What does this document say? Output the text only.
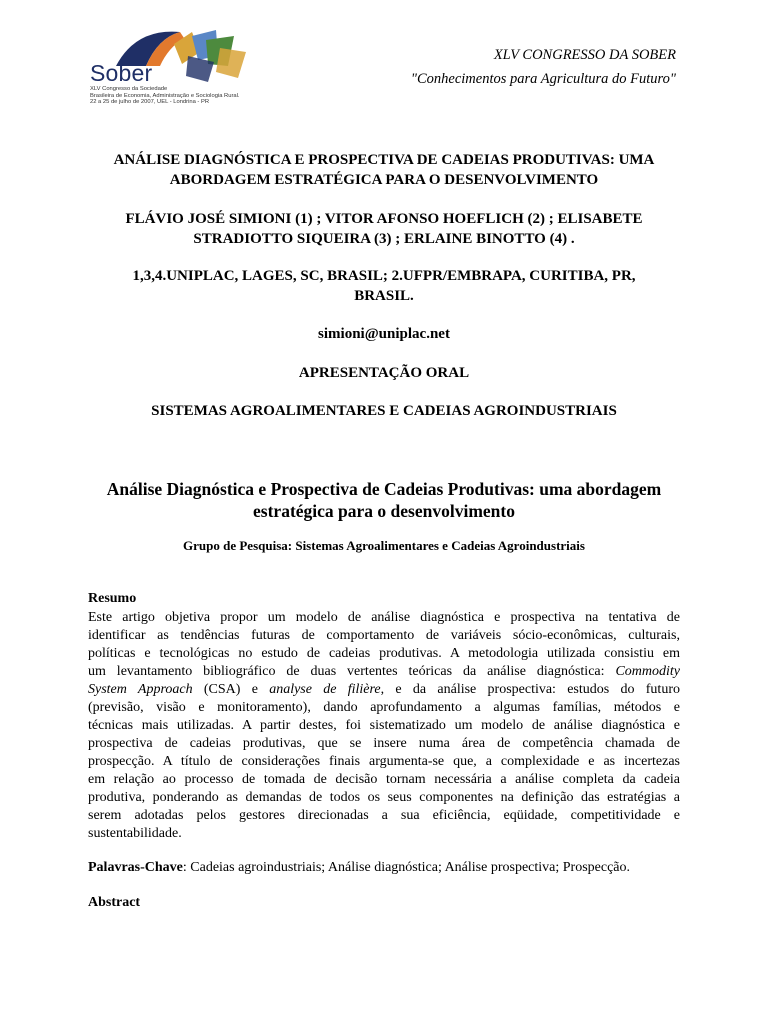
Sober
XLV Congresso da Sociedade
Brasileira de Economia, Administração e Sociologia Rural.
22 a 25 de julho de 2007, UEL - Londrina - PR
XLV CONGRESSO DA SOBER
"Conhecimentos para Agricultura do Futuro"
ANÁLISE DIAGNÓSTICA E PROSPECTIVA DE CADEIAS PRODUTIVAS: UMA
ABORDAGEM ESTRATÉGICA PARA O DESENVOLVIMENTO
FLÁVIO JOSÉ SIMIONI (1) ; VITOR AFONSO HOEFLICH (2) ; ELISABETE
STRADIOTTO SIQUEIRA (3) ; ERLAINE BINOTTO (4) .
1,3,4.UNIPLAC, LAGES, SC, BRASIL; 2.UFPR/EMBRAPA, CURITIBA, PR,
BRASIL.
simioni@uniplac.net
APRESENTAÇÃO ORAL
SISTEMAS AGROALIMENTARES E CADEIAS AGROINDUSTRIAIS
Análise Diagnóstica e Prospectiva de Cadeias Produtivas: uma abordagem
estratégica para o desenvolvimento
Grupo de Pesquisa: Sistemas Agroalimentares e Cadeias Agroindustriais
Resumo
Este artigo objetiva propor um modelo de análise diagnóstica e prospectiva na tentativa de
identificar as tendências futuras de comportamento de variáveis sócio-econômicas, culturais,
políticas e tecnológicas no estudo de cadeias produtivas. A metodologia utilizada consistiu em
um levantamento bibliográfico de duas vertentes teóricas da análise diagnóstica: Commodity
System Approach (CSA) e analyse de filière, e da análise prospectiva: estudos do futuro
(previsão, visão e monitoramento), dando aprofundamento a algumas famílias, métodos e
técnicas mais utilizadas. A partir destes, foi sistematizado um modelo de análise diagnóstica e
prospectiva de cadeias produtivas, que se insere numa área de competência chamada de
prospecção. A título de considerações finais argumenta-se que, a complexidade e as incertezas
em relação ao processo de tomada de decisão tornam necessária a análise completa da cadeia
produtiva, ponderando as demandas de todos os seus componentes na definição das estratégias a
serem adotadas pelos gestores direcionadas a sua eficiência, eqüidade, competitividade e
sustentabilidade.
Palavras-Chave: Cadeias agroindustriais; Análise diagnóstica; Análise prospectiva; Prospecção.
Abstract
